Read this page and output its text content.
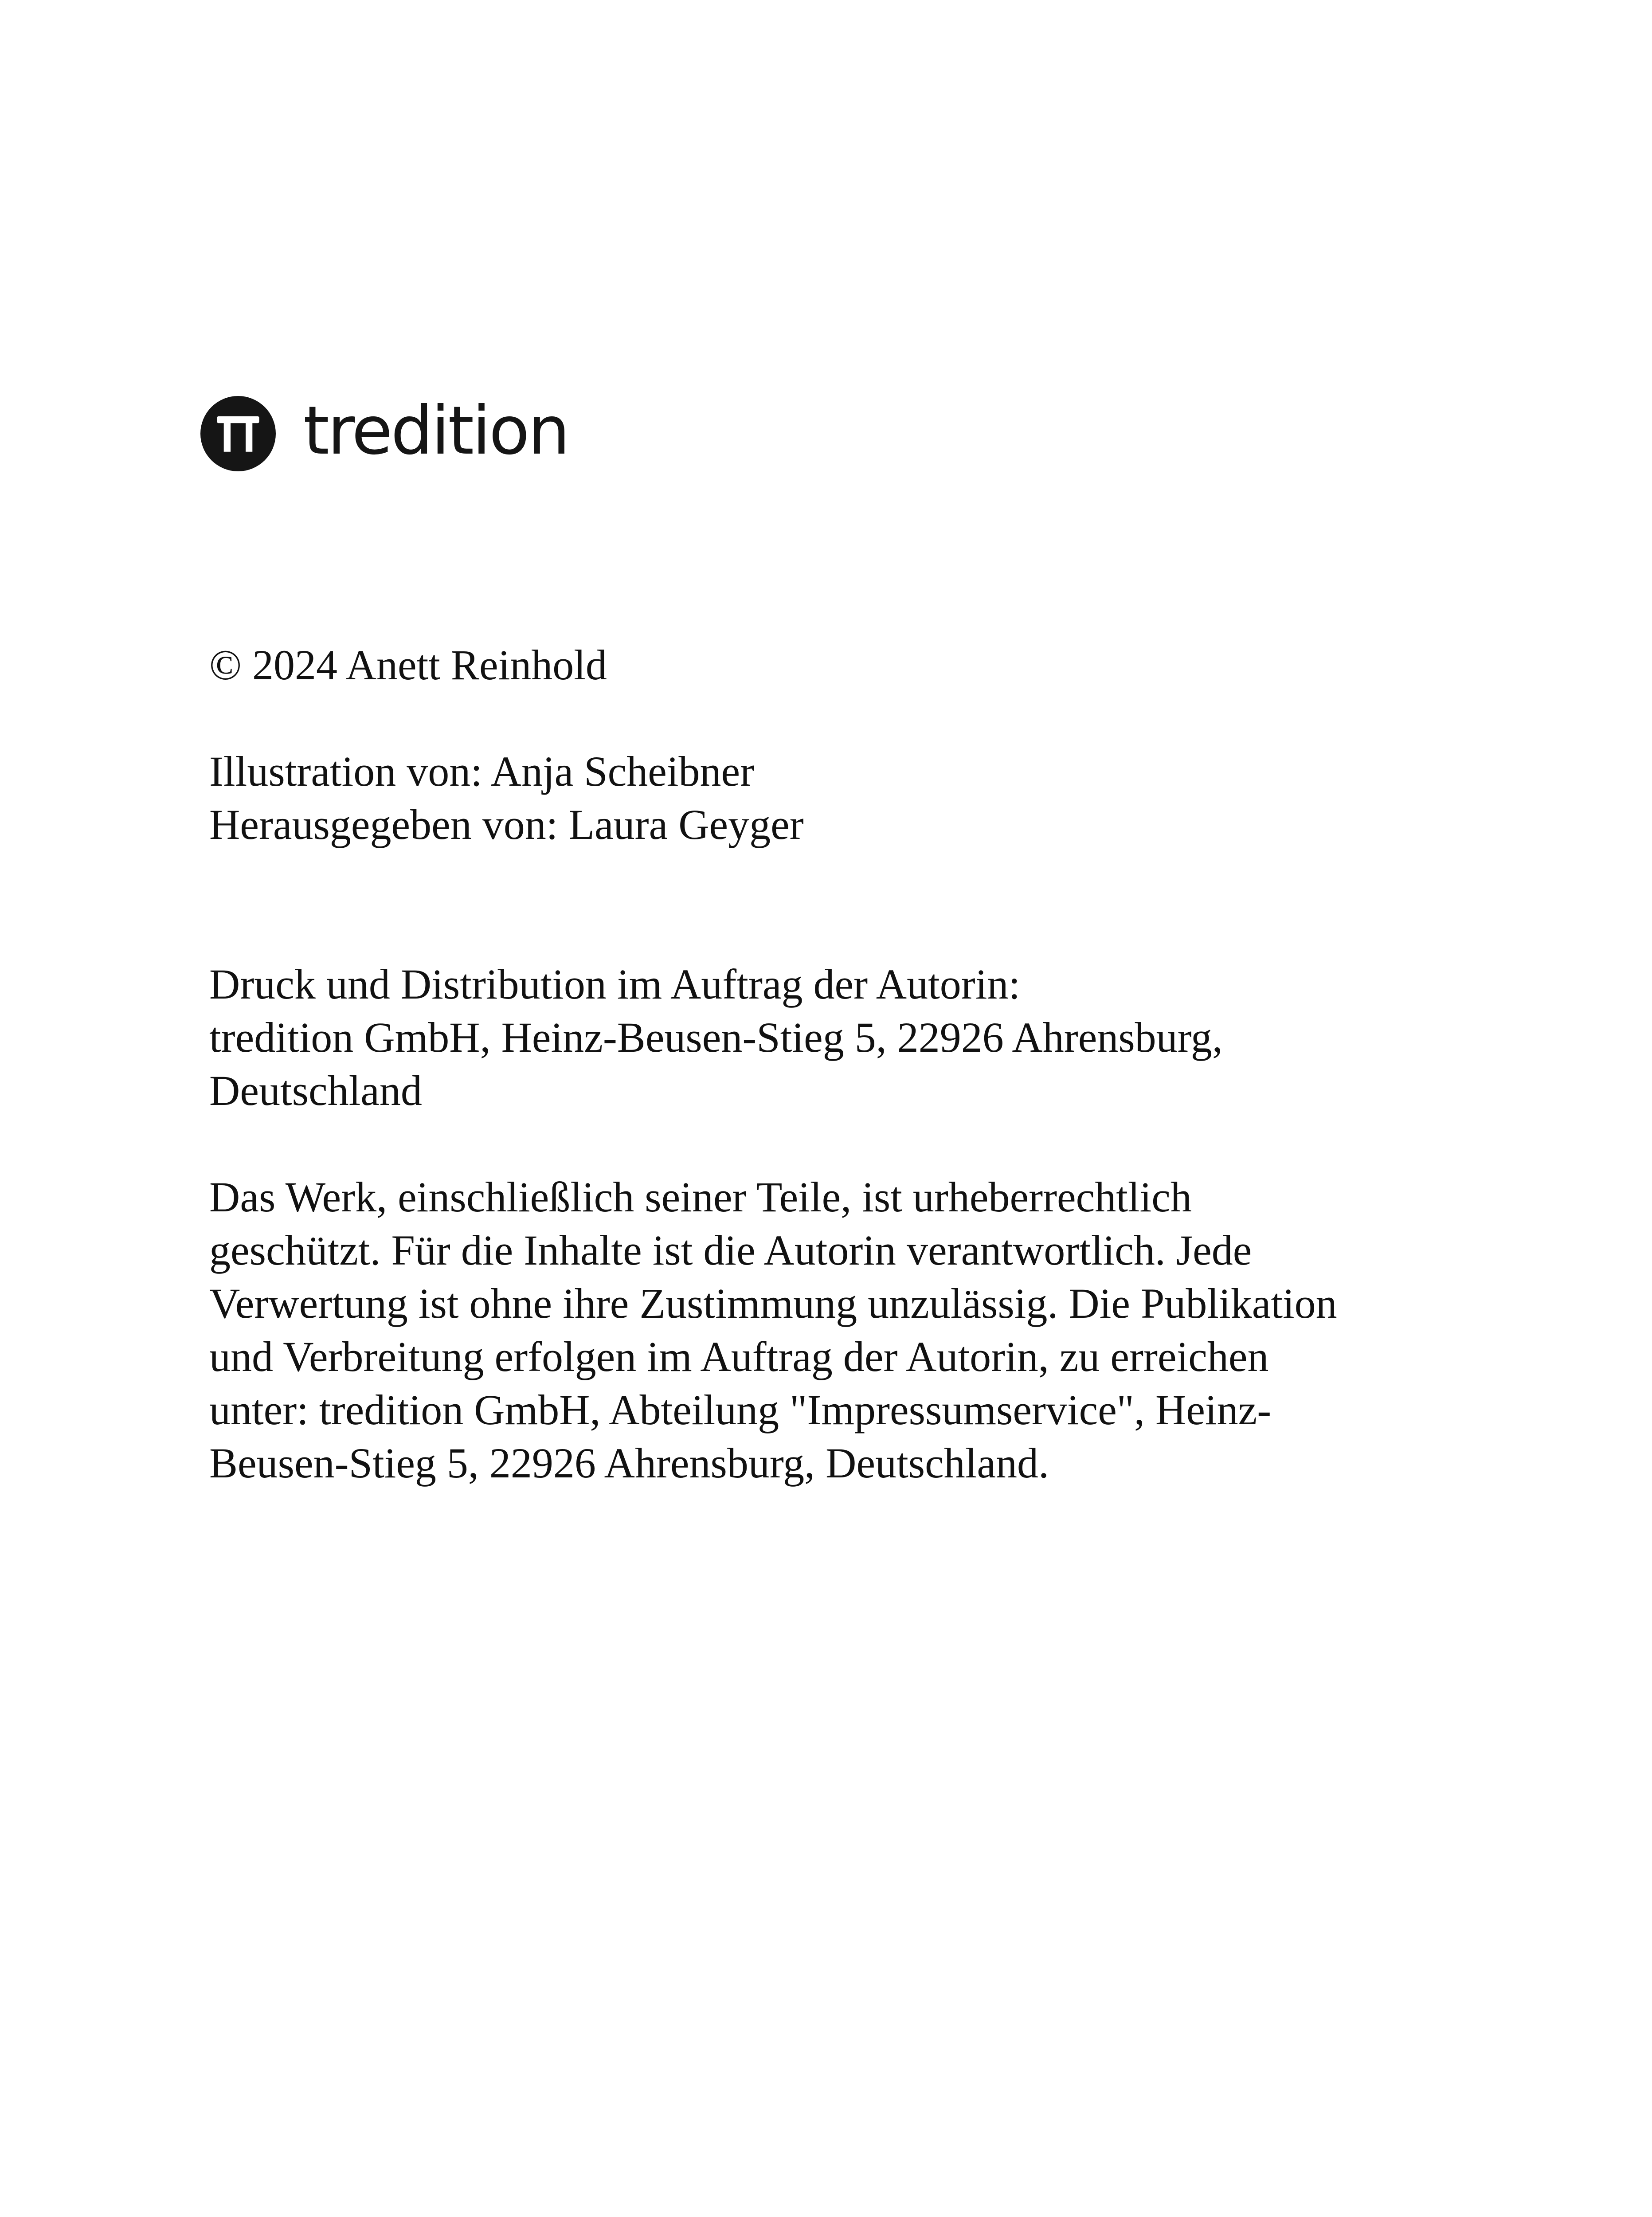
tredition
© 2024 Anett Reinhold
Illustration von: Anja Scheibner
Herausgegeben von: Laura Geyger
Druck und Distribution im Auftrag der Autorin:
tredition GmbH, Heinz-Beusen-Stieg 5, 22926 Ahrensburg,
Deutschland
Das Werk, einschließlich seiner Teile, ist urheberrechtlich
geschützt. Für die Inhalte ist die Autorin verantwortlich. Jede
Verwertung ist ohne ihre Zustimmung unzulässig. Die Publikation
und Verbreitung erfolgen im Auftrag der Autorin, zu erreichen
unter: tredition GmbH, Abteilung "Impressumservice", Heinz-
Beusen-Stieg 5, 22926 Ahrensburg, Deutschland.
